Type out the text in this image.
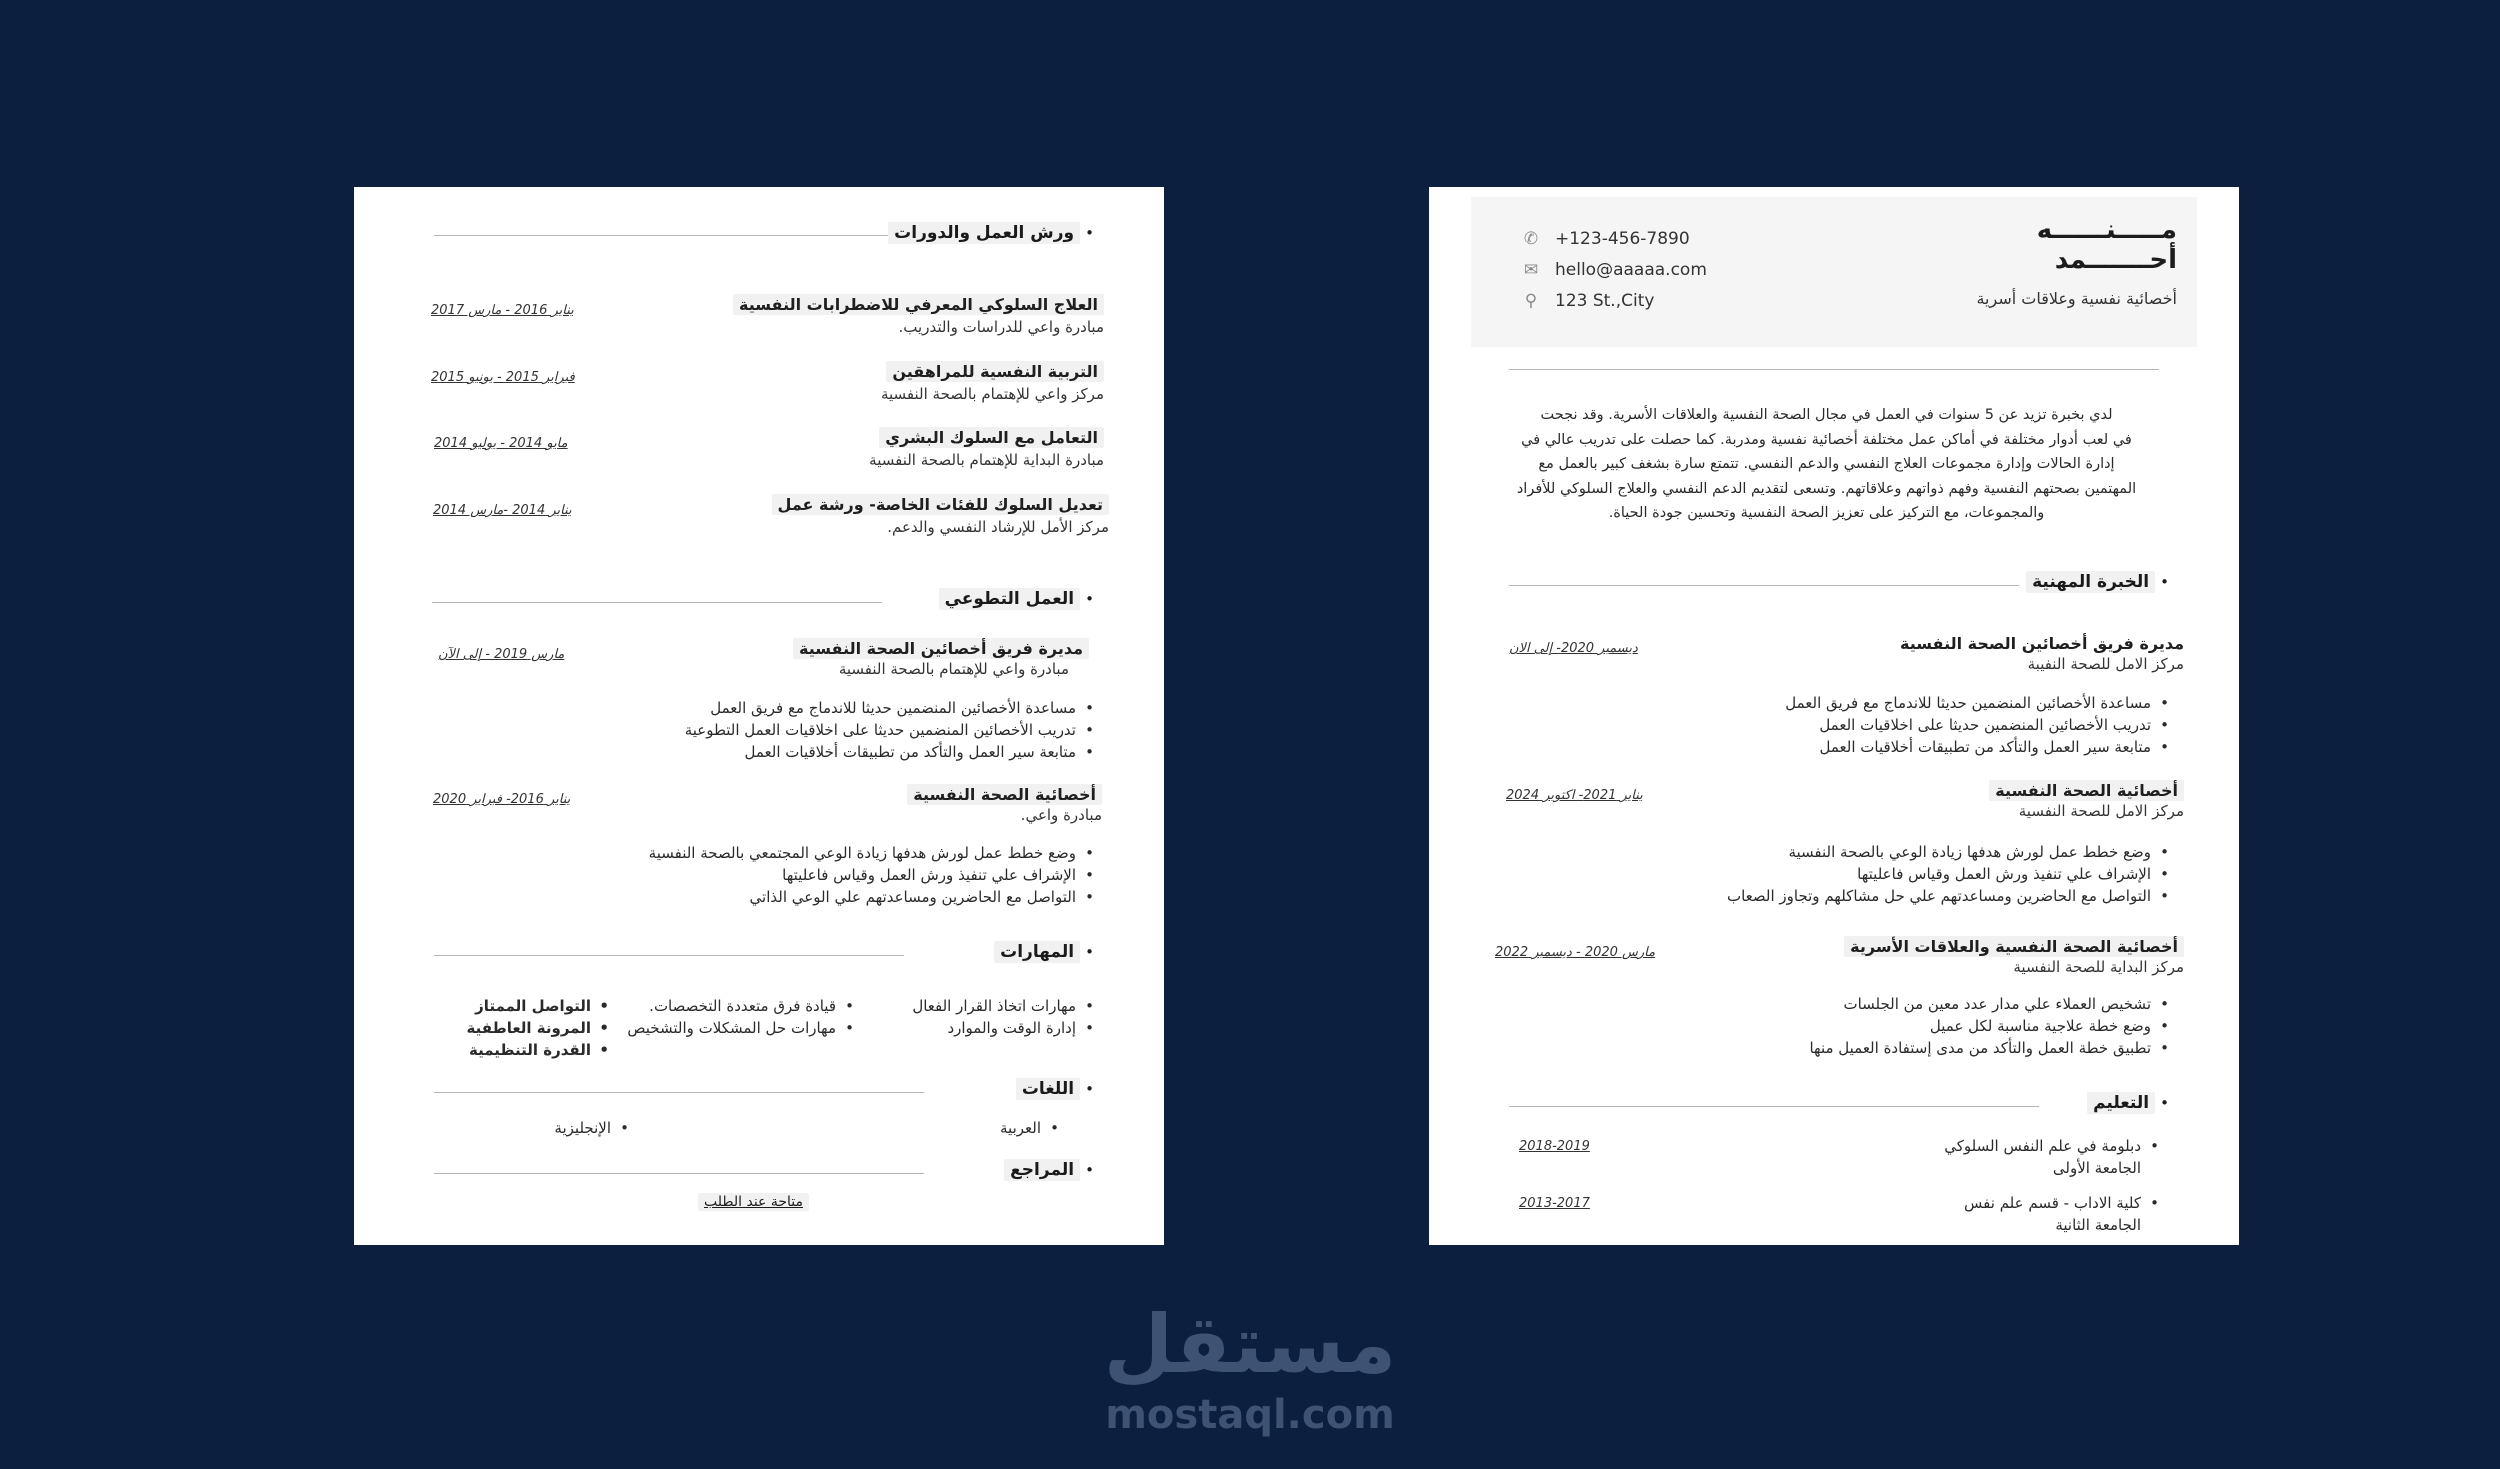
• ورش العمل والدورات
العلاج السلوكي المعرفي للاضطرابات النفسية
مبادرة واعي للدراسات والتدريب.
يناير 2016 - مارس 2017
التربية النفسية للمراهقين
مركز واعي للإهتمام بالصحة النفسية
فبراير 2015 - يونيو 2015
التعامل مع السلوك البشري
مبادرة البداية للإهتمام بالصحة النفسية
مايو 2014 - يوليو 2014
تعديل السلوك للفئات الخاصة- ورشة عمل
مركز الأمل للإرشاد النفسي والدعم.
يناير 2014 -مارس 2014
• العمل التطوعي
مديرة فريق أخصائين الصحة النفسية
مبادرة واعي للإهتمام بالصحة النفسية
مارس 2019 - إلى الآن
• مساعدة الأخصائين المنضمين حديثا للاندماج مع فريق العمل
• تدريب الأخصائين المنضمين حديثا على اخلاقيات العمل التطوعية
• متابعة سير العمل والتأكد من تطبيقات أخلاقيات العمل
أخصائية الصحة النفسية
مبادرة واعي.
يناير 2016- فبراير 2020
• وضع خطط عمل لورش هدفها زيادة الوعي المجتمعي بالصحة النفسية
• الإشراف علي تنفيذ ورش العمل وقياس فاعليتها
• التواصل مع الحاضرين ومساعدتهم علي الوعي الذاتي
• المهارات
• مهارات اتخاذ القرار الفعال
• إدارة الوقت والموارد
• قيادة فرق متعددة التخصصات.
• مهارات حل المشكلات والتشخيص
• التواصل الممتاز
• المرونة العاطفية
• القدرة التنظيمية
• اللغات
• العربية
• الإنجليزية
• المراجع
متاحة عند الطلب
مـــــنــــــه
أحـــــــمد
أخصائية نفسية وعلاقات أسرية
✆ +123-456-7890
✉ hello@aaaaa.com
⚲ 123 St.,City
لدي بخبرة تزيد عن 5 سنوات في العمل في مجال الصحة النفسية والعلاقات الأسرية. وقد نجحت
في لعب أدوار مختلفة في أماكن عمل مختلفة أخصائية نفسية ومدربة. كما حصلت على تدريب عالي في
إدارة الحالات وإدارة مجموعات العلاج النفسي والدعم النفسي. تتمتع سارة بشغف كبير بالعمل مع
المهتمين بصحتهم النفسية وفهم ذواتهم وعلاقاتهم. وتسعى لتقديم الدعم النفسي والعلاج السلوكي للأفراد
والمجموعات، مع التركيز على تعزيز الصحة النفسية وتحسين جودة الحياة.
• الخبرة المهنية
مديرة فريق أخصائين الصحة النفسية
مركز الامل للصحة النفيبة
ديسمبر 2020- إلى الان
• مساعدة الأخصائين المنضمين حديثا للاندماج مع فريق العمل
• تدريب الأخصائين المنضمين حديثا على اخلاقيات العمل
• متابعة سير العمل والتأكد من تطبيقات أخلاقيات العمل
أخصائية الصحة النفسية
مركز الامل للصحة النفسية
يناير 2021- اكتوبر 2024
• وضع خطط عمل لورش هدفها زيادة الوعي بالصحة النفسية
• الإشراف علي تنفيذ ورش العمل وقياس فاعليتها
• التواصل مع الحاضرين ومساعدتهم علي حل مشاكلهم وتجاوز الصعاب
أخصائية الصحة النفسية والعلاقات الأسرية
مركز البداية للصحة النفسية
مارس 2020 - ديسمبر 2022
• تشخيص العملاء علي مدار عدد معين من الجلسات
• وضع خطة علاجية مناسبة لكل عميل
• تطبيق خطة العمل والتأكد من مدى إستفادة العميل منها
• التعليم
• دبلومة في علم النفس السلوكي
الجامعة الأولى
2018-2019
• كلية الاداب - قسم علم نفس
الجامعة الثانية
2013-2017
مستقل
mostaql.com
